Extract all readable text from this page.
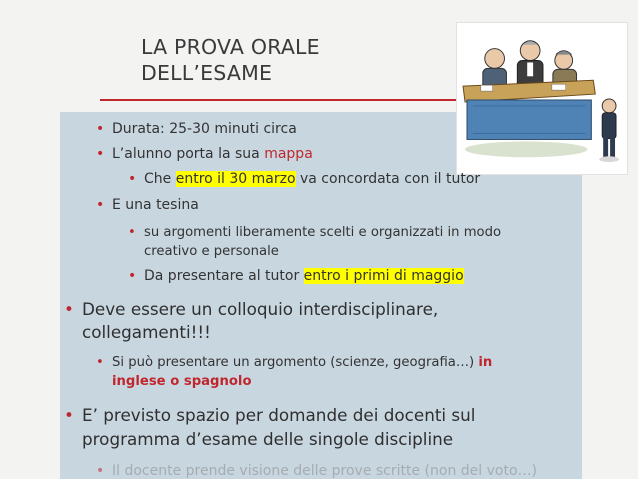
LA PROVA ORALE
DELL’ESAME
• Durata: 25-30 minuti circa
• L’alunno porta la sua mappa
• Che entro il 30 marzo va concordata con il tutor
• E una tesina
• su argomenti liberamente scelti e organizzati in modo
creativo e personale
• Da presentare al tutor entro i primi di maggio
• Deve essere un colloquio interdisciplinare,
collegamenti!!!
• Si può presentare un argomento (scienze, geografia…) in
inglese o spagnolo
• E’ previsto spazio per domande dei docenti sul
programma d’esame delle singole discipline
• Il docente prende visione delle prove scritte (non del voto…)
